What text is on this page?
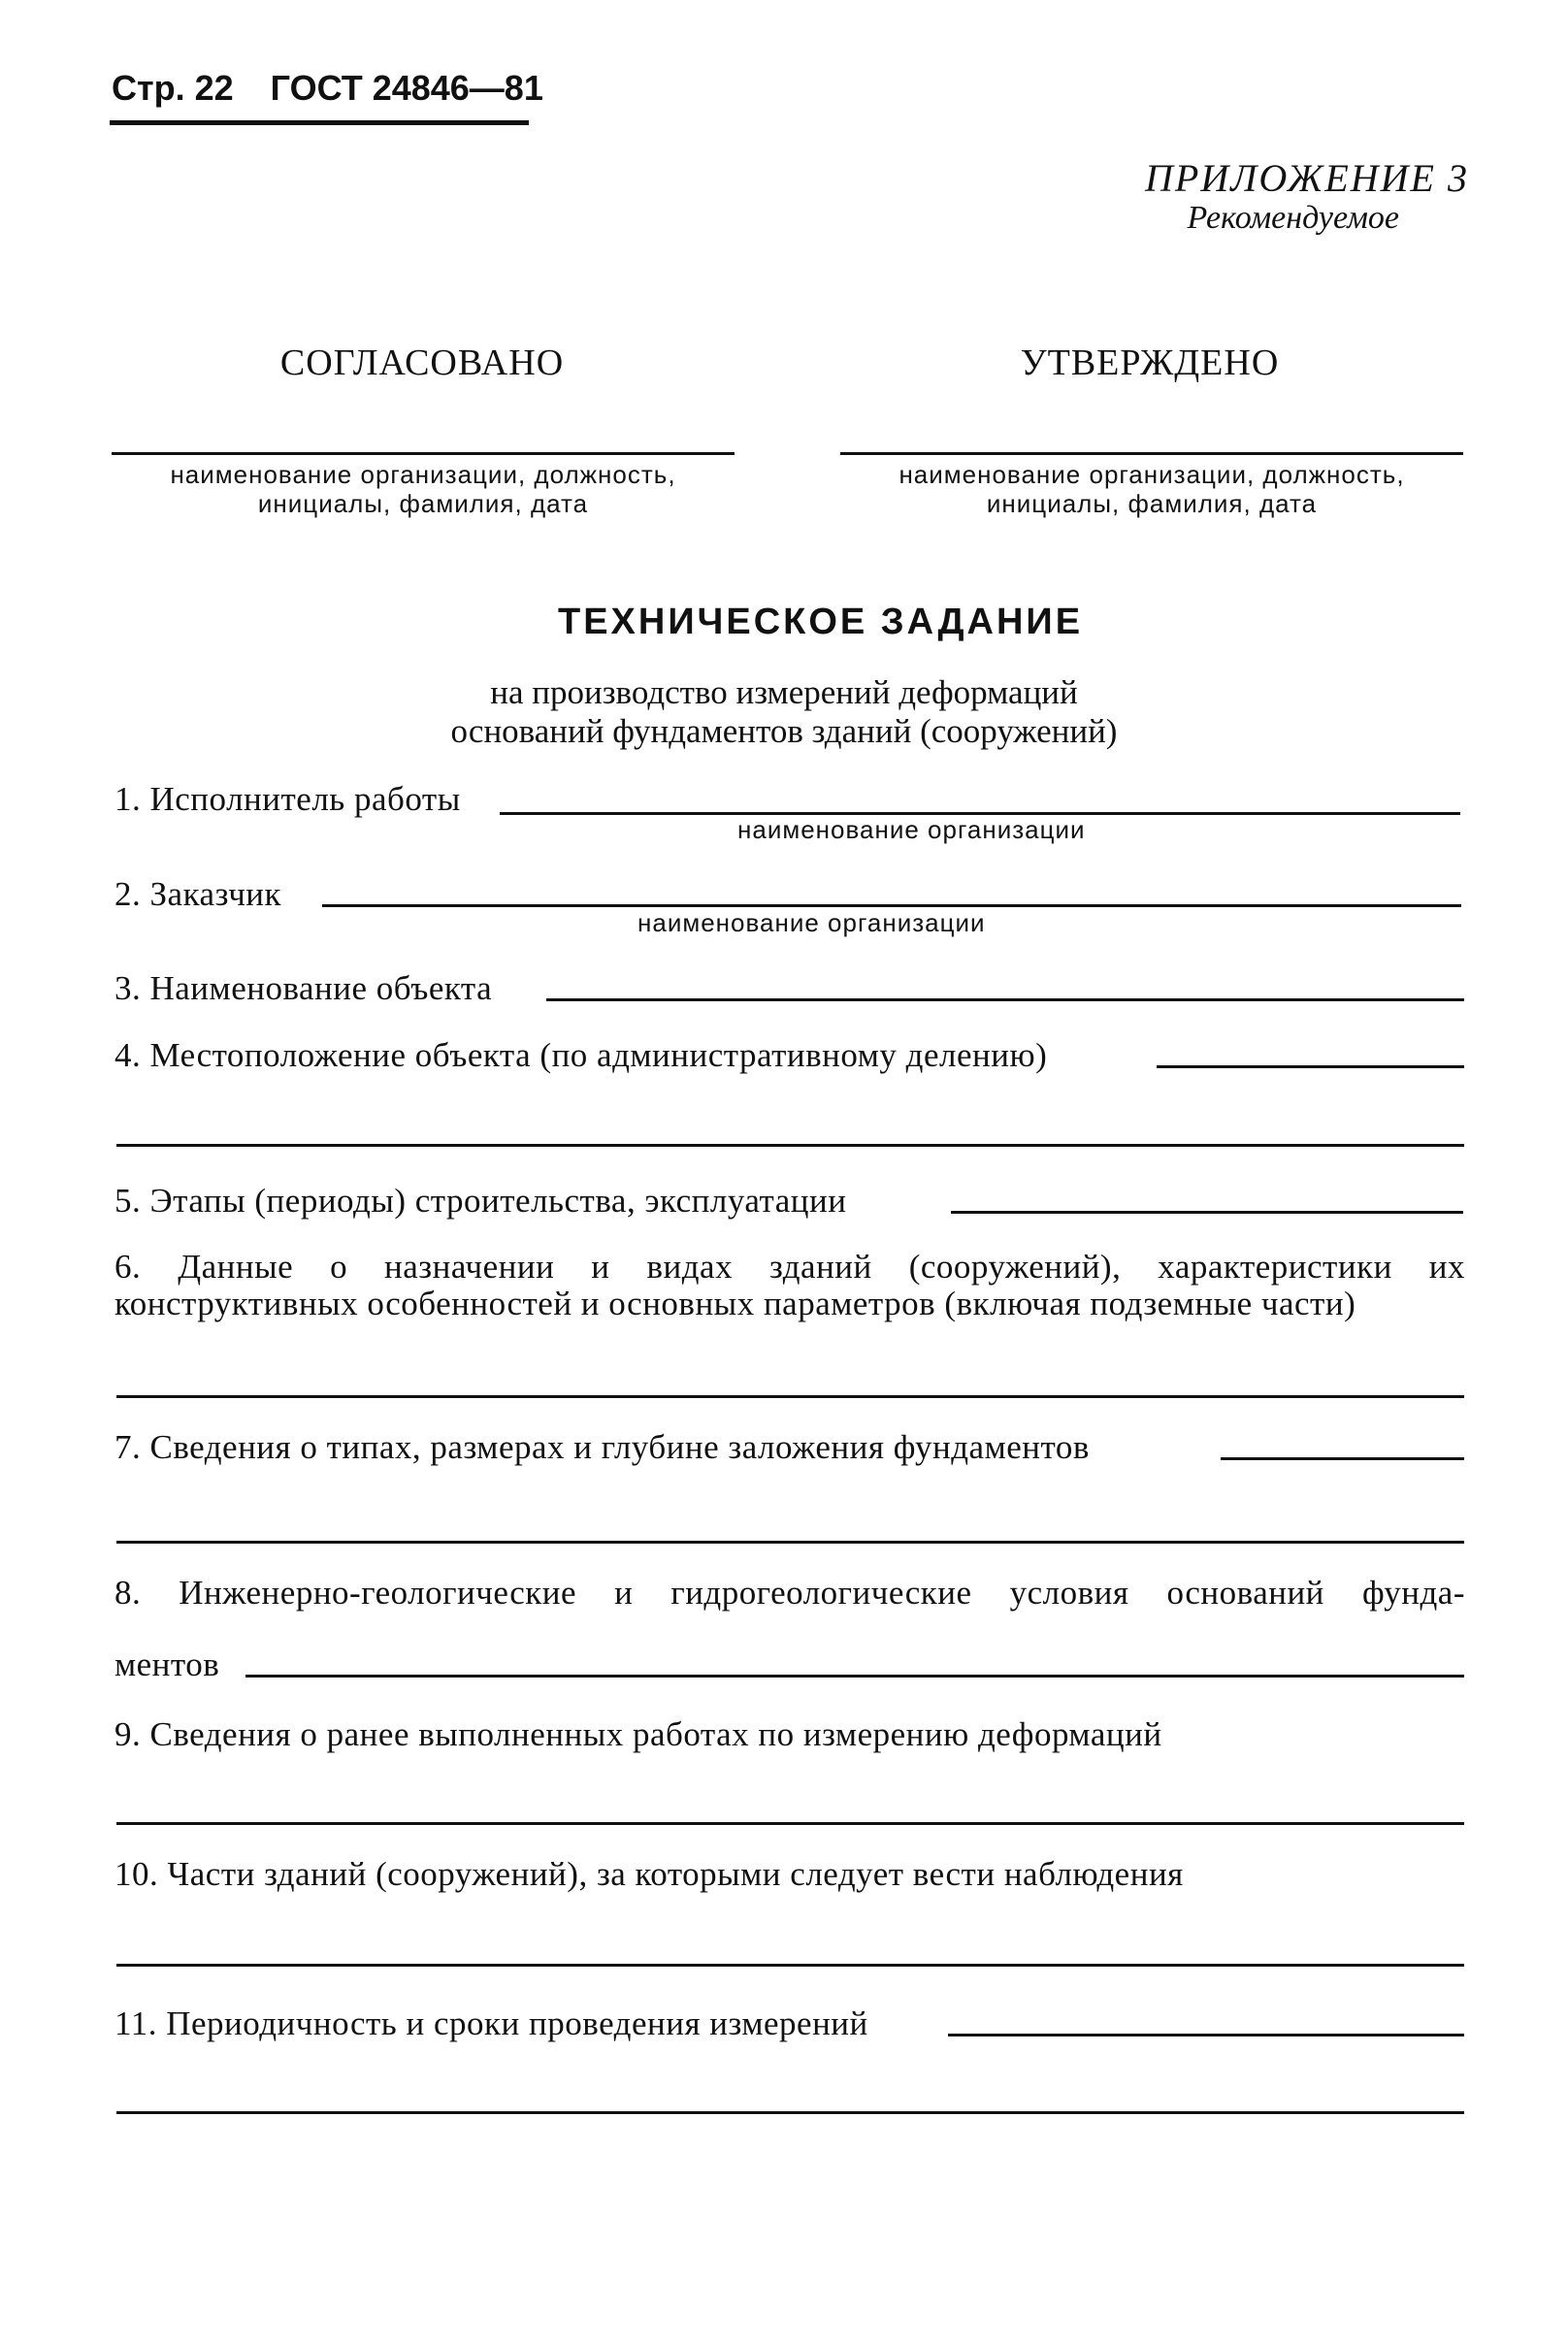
Стр. 22 ГОСТ 24846—81
ПРИЛОЖЕНИЕ 3
Рекомендуемое
СОГЛАСОВАНО	УТВЕРЖДЕНО
наименование организации, должность,
инициалы, фамилия, дата
наименование организации, должность,
инициалы, фамилия, дата
ТЕХНИЧЕСКОЕ ЗАДАНИЕ
на производство измерений деформаций
оснований фундаментов зданий (сооружений)
1. Исполнитель работы
наименование организации
2. Заказчик
наименование организации
3. Наименование объекта
4. Местоположение объекта (по административному делению)
5. Этапы (периоды) строительства, эксплуатации
6. Данные о назначении и видах зданий (сооружений), характеристики их
конструктивных особенностей и основных параметров (включая подземные части)
7. Сведения о типах, размерах и глубине заложения фундаментов
8. Инженерно-геологические и гидрогеологические условия оснований фунда-
ментов
9. Сведения о ранее выполненных работах по измерению деформаций
10. Части зданий (сооружений), за которыми следует вести наблюдения
11. Периодичность и сроки проведения измерений
